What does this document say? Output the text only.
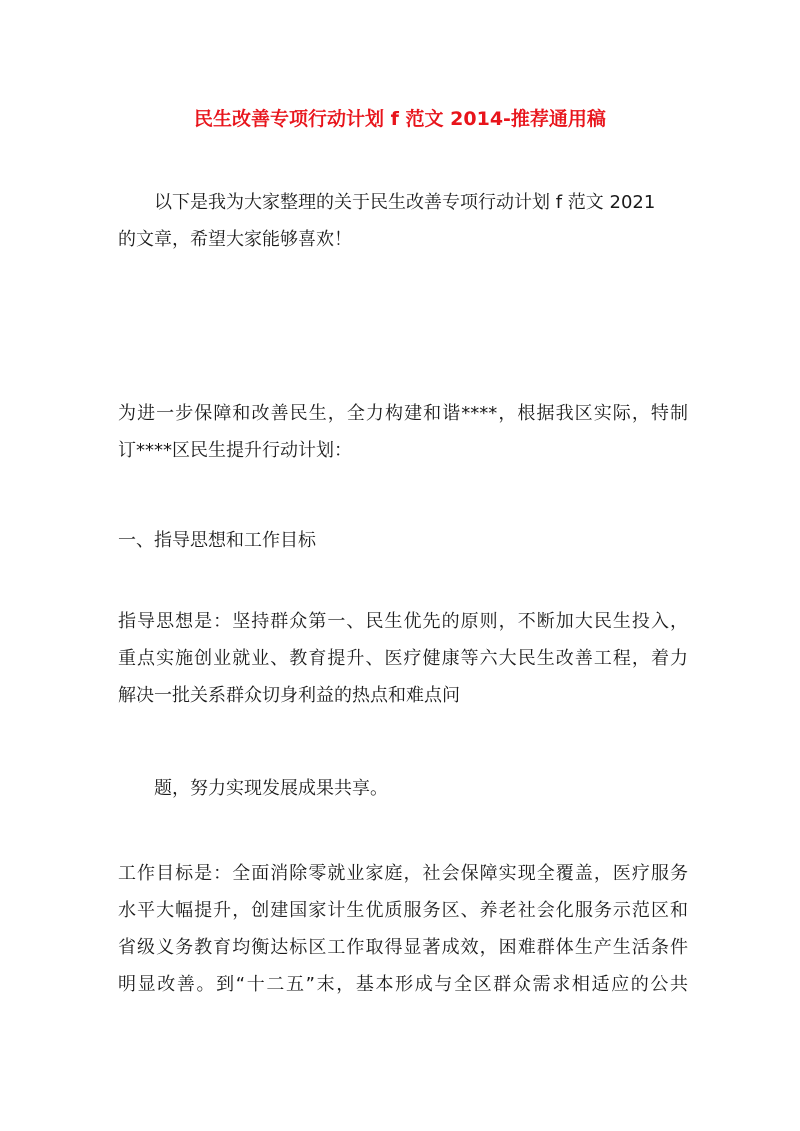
民生改善专项行动计划 f 范文 2014-推荐通用稿
以下是我为大家整理的关于民生改善专项行动计划 f 范文 2021
的文章，希望大家能够喜欢！
为进一步保障和改善民生，全力构建和谐****，根据我区实际，特制
订****区民生提升行动计划：
一、指导思想和工作目标
指导思想是：坚持群众第一、民生优先的原则，不断加大民生投入，
重点实施创业就业、教育提升、医疗健康等六大民生改善工程，着力
解决一批关系群众切身利益的热点和难点问
题，努力实现发展成果共享。
工作目标是：全面消除零就业家庭，社会保障实现全覆盖，医疗服务
水平大幅提升，创建国家计生优质服务区、养老社会化服务示范区和
省级义务教育均衡达标区工作取得显著成效，困难群体生产生活条件
明显改善。到“十二五”末，基本形成与全区群众需求相适应的公共
